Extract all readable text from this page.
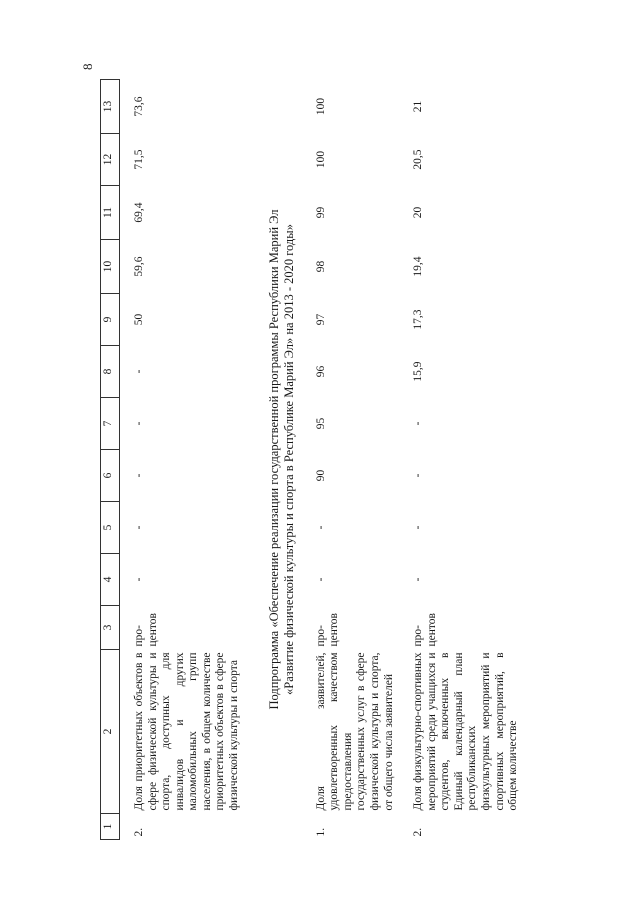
8
1	2	3	4	5	6	7	8	9	10	11	12	13

2.	Доля приоритетных объектов в сфере физической культуры и спорта, доступных для инвалидов и других маломобильных групп населения, в общем количестве приоритетных объектов в сфере физической культуры и спорта	про-центов	-	-	-	-	-	50	59,6	69,4	71,5	73,6

Подпрограмма «Обеспечение реализации государственной программы Республики Марий Эл «Развитие физической культуры и спорта в Республике Марий Эл» на 2013 - 2020 годы»												

1.	Доля заявителей, удовлетворенных качеством предоставления государственных услуг в сфере физической культуры и спорта, от общего числа заявителей	про-центов	-	-	90	95	96	97	98	99	100	100

2.	Доля физкультурно-спортивных мероприятий среди учащихся и студентов, включенных в Единый календарный план республиканских физкультурных мероприятий и спортивных мероприятий, в общем количестве	про-центов	-	-	-	-	15,9	17,3	19,4	20	20,5	21
